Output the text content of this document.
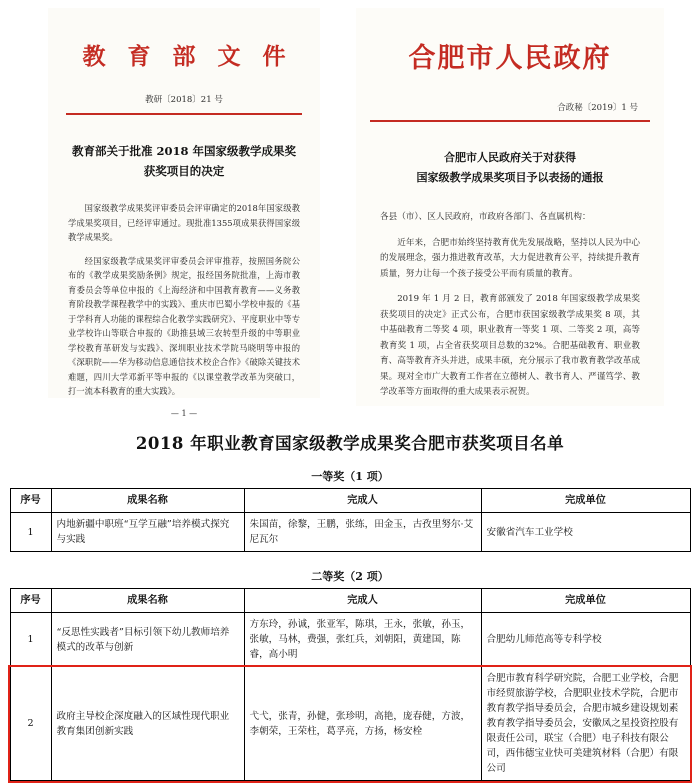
教 育 部 文 件
教研〔2018〕21 号
教育部关于批准 2018 年国家级教学成果奖
获奖项目的决定

国家级教学成果奖评审委员会评审确定的2018年国家级教学成果奖项目，已经评审通过。现批准1355项成果获得国家级教学成果奖。

经国家级教学成果奖评审委员会评审推荐，按照国务院公布的《教学成果奖励条例》规定，报经国务院批准，上海市教育委员会等单位申报的《上海经济和中国教育教育——义务教育阶段教学课程教学中的实践》、重庆市巴蜀小学校申报的《基于学科育人功能的课程综合化教学实践研究》、平度职业中等专业学校许山等联合申报的《助推县域三农转型升级的中等职业学校教育革研发与实践》、深圳职业技术学院马晓明等申报的《深职院——华为移动信息通信技术校企合作》《破除关键技术难题，四川大学邓新平等申报的《以课堂教学改革为突破口，打一流本科教育的重大实践》。

— 1 —
合肥市人民政府
合政秘〔2019〕1 号
合肥市人民政府关于对获得
国家级教学成果奖项目予以表扬的通报

各县（市）、区人民政府，市政府各部门、各直属机构：

近年来，合肥市始终坚持教育优先发展战略，坚持以人民为中心的发展理念，强力推进教育改革，大力促进教育公平，持续提升教育质量，努力让每一个孩子接受公平而有质量的教育。

2019 年 1 月 2 日，教育部颁发了 2018 年国家级教学成果奖获奖项目的决定》正式公布，合肥市获国家级教学成果奖 8 项，其中基础教育二等奖 4 项，职业教育一等奖 1 项、二等奖 2 项，高等教育奖 1 项，占全省获奖项目总数的32%。合肥基础教育、职业教育、高等教育齐头并进，成果丰硕，充分展示了我市教育教学改革成果。现对全市广大教育工作者在立德树人、教书育人、严谨笃学、教学改革等方面取得的重大成果表示祝贺。

2018 年职业教育国家级教学成果奖合肥市获奖项目名单
一等奖（1 项）
序号	成果名称	完成人	完成单位
1	内地新疆中职班“互学互融”培养模式探究与实践	朱国苗，徐黎，王鹏，张练，田金玉，古孜里努尔·艾尼瓦尔	安徽省汽车工业学校
二等奖（2 项）
序号	成果名称	完成人	完成单位
1	“反思性实践者”目标引领下幼儿教师培养模式的改革与创新	方东玲，孙诚，张亚军，陈琪，王永，张敏，孙玉，张敏，马林，费强，张红兵，刘朝阳，黄建国，陈睿，高小明	合肥幼儿师范高等专科学校
2	政府主导校企深度融入的区域性现代职业教育集团创新实践	弋弋，张青，孙健，张珍明，高艳，庞春健，方波，李朝荣，王荣柱，葛孚亮，方扬，杨安栓	合肥市教育科学研究院，合肥工业学校，合肥市经贸旅游学校，合肥职业技术学院，合肥市教育教学指导委员会，合肥市城乡建设规划素教育教学指导委员会，安徽凤之星投资控股有限责任公司，联宝（合肥）电子科技有限公司，西伟德宝业快可美建筑材料（合肥）有限公司
